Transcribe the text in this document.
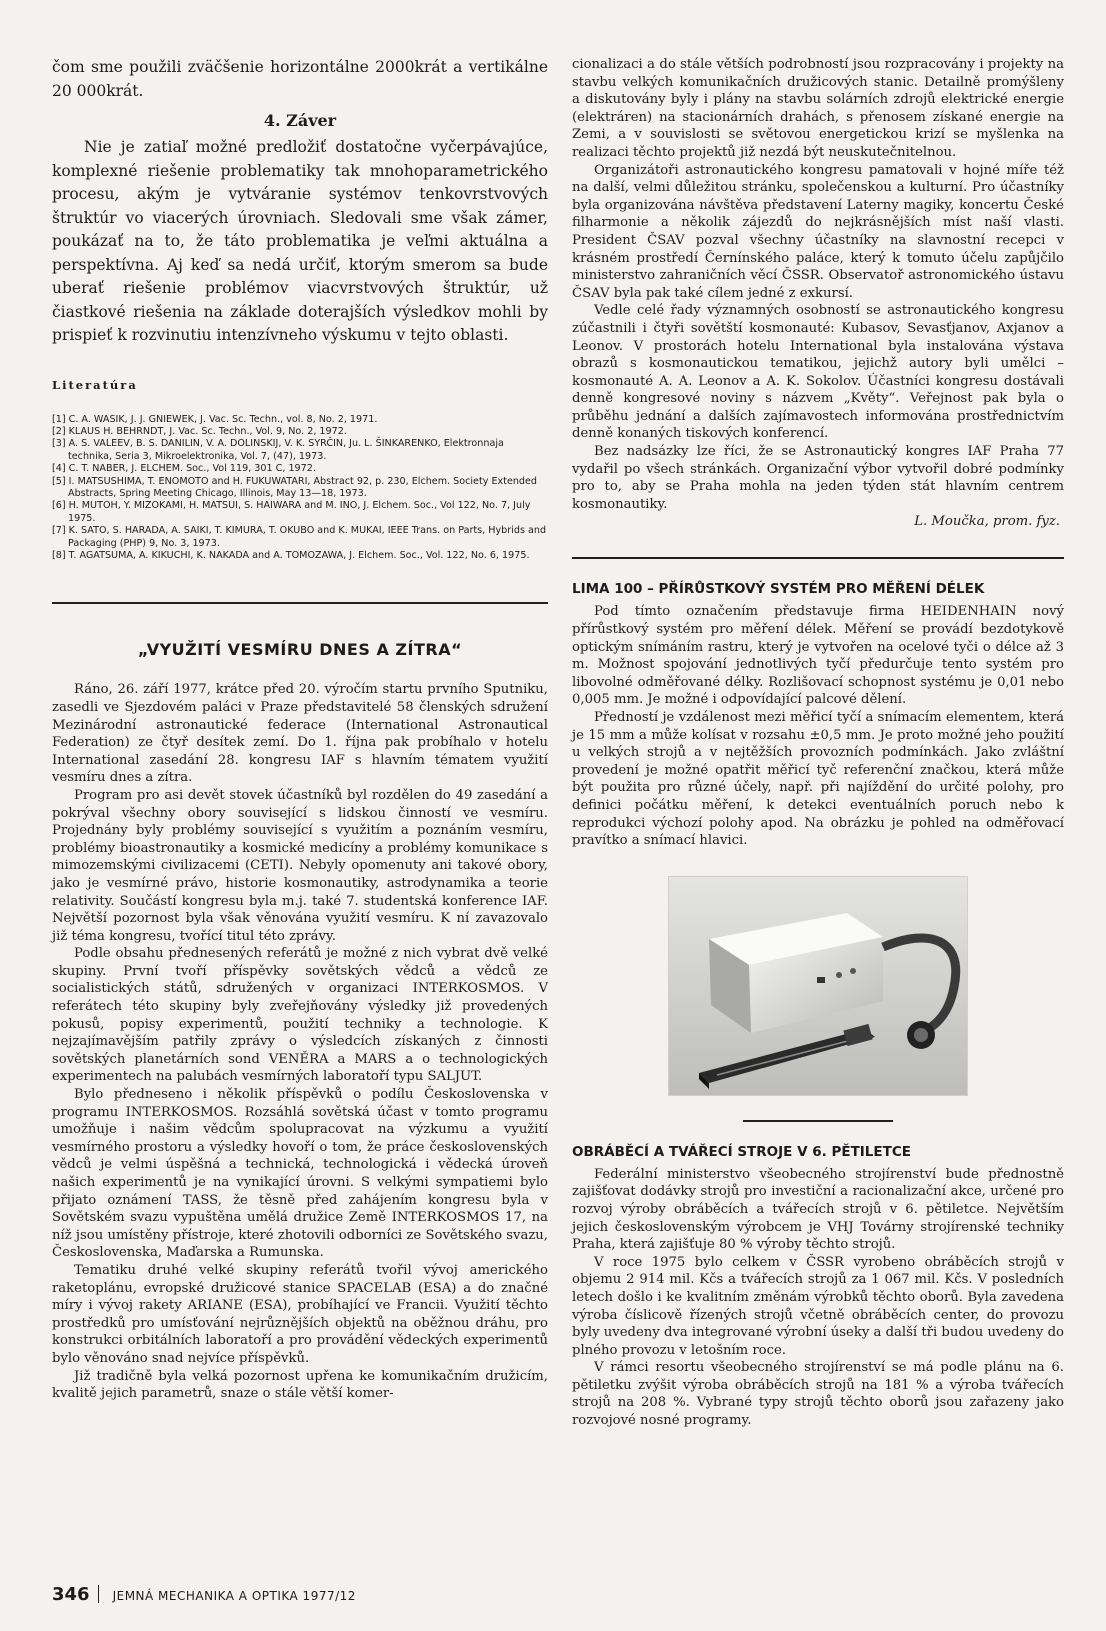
čom sme použili zväčšenie horizontálne 2000krát a vertikálne 20 000krát.

4. Záver

Nie je zatiaľ možné predložiť dostatočne vyčerpávajúce, komplexné riešenie problematiky tak mnohoparametrického procesu, akým je vytváranie systémov tenkovrstvových štruktúr vo viacerých úrovniach. Sledovali sme však zámer, poukázať na to, že táto problematika je veľmi aktuálna a perspektívna. Aj keď sa nedá určiť, ktorým smerom sa bude uberať riešenie problémov viacvrstvových štruktúr, už čiastkové riešenia na základe doterajších výsledkov mohli by prispieť k rozvinutiu intenzívneho výskumu v tejto oblasti.

Literatúra
[1] C. A. WASIK, J. J. GNIEWEK, J. Vac. Sc. Techn., vol. 8, No. 2, 1971.
[2] KLAUS H. BEHRNDT, J. Vac. Sc. Techn., Vol. 9, No. 2, 1972.
[3] A. S. VALEEV, B. S. DANILIN, V. A. DOLINSKIJ, V. K. SYRČIN, Ju. L. ŠINKARENKO, Elektronnaja technika, Seria 3, Mikroelektronika, Vol. 7, (47), 1973.
[4] C. T. NABER, J. ELCHEM. Soc., Vol 119, 301 C, 1972.
[5] I. MATSUSHIMA, T. ENOMOTO and H. FUKUWATARI, Abstract 92, p. 230, Elchem. Society Extended Abstracts, Spring Meeting Chicago, Illinois, May 13—18, 1973.
[6] H. MUTOH, Y. MIZOKAMI, H. MATSUI, S. HAIWARA and M. INO, J. Elchem. Soc., Vol 122, No. 7, July 1975.
[7] K. SATO, S. HARADA, A. SAIKI, T. KIMURA, T. OKUBO and K. MUKAI, IEEE Trans. on Parts, Hybrids and Packaging (PHP) 9, No. 3, 1973.
[8] T. AGATSUMA, A. KIKUCHI, K. NAKADA and A. TOMOZAWA, J. Elchem. Soc., Vol. 122, No. 6, 1975.
„VYUŽITÍ VESMÍRU DNES A ZÍTRA“

Ráno, 26. září 1977, krátce před 20. výročím startu prvního Sputniku, zasedli ve Sjezdovém paláci v Praze představitelé 58 členských sdružení Mezinárodní astronautické federace (International Astronautical Federation) ze čtyř desítek zemí. Do 1. října pak probíhalo v hotelu International zasedání 28. kongresu IAF s hlavním tématem využití vesmíru dnes a zítra.

Program pro asi devět stovek účastníků byl rozdělen do 49 zasedání a pokrýval všechny obory související s lidskou činností ve vesmíru. Projednány byly problémy související s využitím a poznáním vesmíru, problémy bioastronautiky a kosmické medicíny a problémy komunikace s mimozemskými civilizacemi (CETI). Nebyly opomenuty ani takové obory, jako je vesmírné právo, historie kosmonautiky, astrodynamika a teorie relativity. Součástí kongresu byla m.j. také 7. studentská konference IAF. Největší pozornost byla však věnována využití vesmíru. K ní zavazovalo již téma kongresu, tvořící titul této zprávy.

Podle obsahu přednesených referátů je možné z nich vybrat dvě velké skupiny. První tvoří příspěvky sovětských vědců a vědců ze socialistických států, sdružených v organizaci INTERKOSMOS. V referátech této skupiny byly zveřejňovány výsledky již provedených pokusů, popisy experimentů, použití techniky a technologie. K nejzajímavějším patřily zprávy o výsledcích získaných z činnosti sovětských planetárních sond VENĚRA a MARS a o technologických experimentech na palubách vesmírných laboratoří typu SALJUT.

Bylo předneseno i několik příspěvků o podílu Československa v programu INTERKOSMOS. Rozsáhlá sovětská účast v tomto programu umožňuje i našim vědcům spolupracovat na výzkumu a využití vesmírného prostoru a výsledky hovoří o tom, že práce československých vědců je velmi úspěšná a technická, technologická i vědecká úroveň našich experimentů je na vynikající úrovni. S velkými sympatiemi bylo přijato oznámení TASS, že těsně před zahájením kongresu byla v Sovětském svazu vypuštěna umělá družice Země INTERKOSMOS 17, na níž jsou umístěny přístroje, které zhotovili odborníci ze Sovětského svazu, Československa, Maďarska a Rumunska.

Tematiku druhé velké skupiny referátů tvořil vývoj amerického raketoplánu, evropské družicové stanice SPACELAB (ESA) a do značné míry i vývoj rakety ARIANE (ESA), probíhající ve Francii. Využití těchto prostředků pro umísťování nejrůznějších objektů na oběžnou dráhu, pro konstrukci orbitálních laboratoří a pro provádění vědeckých experimentů bylo věnováno snad nejvíce příspěvků.

Již tradičně byla velká pozornost upřena ke komunikačním družicím, kvalitě jejich parametrů, snaze o stále větší komer-

cionalizaci a do stále větších podrobností jsou rozpracovány i projekty na stavbu velkých komunikačních družicových stanic. Detailně promýšleny a diskutovány byly i plány na stavbu solárních zdrojů elektrické energie (elektráren) na stacionárních drahách, s přenosem získané energie na Zemi, a v souvislosti se světovou energetickou krizí se myšlenka na realizaci těchto projektů již nezdá být neuskutečnitelnou.

Organizátoři astronautického kongresu pamatovali v hojné míře též na další, velmi důležitou stránku, společenskou a kulturní. Pro účastníky byla organizována návštěva představení Laterny magiky, koncertu České filharmonie a několik zájezdů do nejkrásnějších míst naší vlasti. President ČSAV pozval všechny účastníky na slavnostní recepci v krásném prostředí Černínského paláce, který k tomuto účelu zapůjčilo ministerstvo zahraničních věcí ČSSR. Observatoř astronomického ústavu ČSAV byla pak také cílem jedné z exkursí.

Vedle celé řady významných osobností se astronautického kongresu zúčastnili i čtyři sovětští kosmonauté: Kubasov, Sevasťjanov, Axjanov a Leonov. V prostorách hotelu International byla instalována výstava obrazů s kosmonautickou tematikou, jejichž autory byli umělci – kosmonauté A. A. Leonov a A. K. Sokolov. Účastníci kongresu dostávali denně kongresové noviny s názvem „Květy“. Veřejnost pak byla o průběhu jednání a dalších zajímavostech informována prostřednictvím denně konaných tiskových konferencí.

Bez nadsázky lze říci, že se Astronautický kongres IAF Praha 77 vydařil po všech stránkách. Organizační výbor vytvořil dobré podmínky pro to, aby se Praha mohla na jeden týden stát hlavním centrem kosmonautiky.

L. Moučka, prom. fyz.
LIMA 100 – PŘÍRŮSTKOVÝ SYSTÉM PRO MĚŘENÍ DÉLEK

Pod tímto označením představuje firma HEIDENHAIN nový přírůstkový systém pro měření délek. Měření se provádí bezdotykově optickým snímáním rastru, který je vytvořen na ocelové tyči o délce až 3 m. Možnost spojování jednotlivých tyčí předurčuje tento systém pro libovolné odměřované délky. Rozlišovací schopnost systému je 0,01 nebo 0,005 mm. Je možné i odpovídající palcové dělení.

Předností je vzdálenost mezi měřicí tyčí a snímacím elementem, která je 15 mm a může kolísat v rozsahu ±0,5 mm. Je proto možné jeho použití u velkých strojů a v nejtěžších provozních podmínkách. Jako zvláštní provedení je možné opatřit měřicí tyč referenční značkou, která může být použita pro různé účely, např. při najíždění do určité polohy, pro definici počátku měření, k detekci eventuálních poruch nebo k reprodukci výchozí polohy apod. Na obrázku je pohled na odměřovací pravítko a snímací hlavici.

OBRÁBĚCÍ A TVÁŘECÍ STROJE V 6. PĚTILETCE

Federální ministerstvo všeobecného strojírenství bude přednostně zajišťovat dodávky strojů pro investiční a racionalizační akce, určené pro rozvoj výroby obráběcích a tvářecích strojů v 6. pětiletce. Největším jejich československým výrobcem je VHJ Továrny strojírenské techniky Praha, která zajišťuje 80 % výroby těchto strojů.

V roce 1975 bylo celkem v ČSSR vyrobeno obráběcích strojů v objemu 2 914 mil. Kčs a tvářecích strojů za 1 067 mil. Kčs. V posledních letech došlo i ke kvalitním změnám výrobků těchto oborů. Byla zavedena výroba číslicově řízených strojů včetně obráběcích center, do provozu byly uvedeny dva integrované výrobní úseky a další tři budou uvedeny do plného provozu v letošním roce.

V rámci resortu všeobecného strojírenství se má podle plánu na 6. pětiletku zvýšit výroba obráběcích strojů na 181 % a výroba tvářecích strojů na 208 %. Vybrané typy strojů těchto oborů jsou zařazeny jako rozvojové nosné programy.

346 JEMNÁ MECHANIKA A OPTIKA 1977/12
